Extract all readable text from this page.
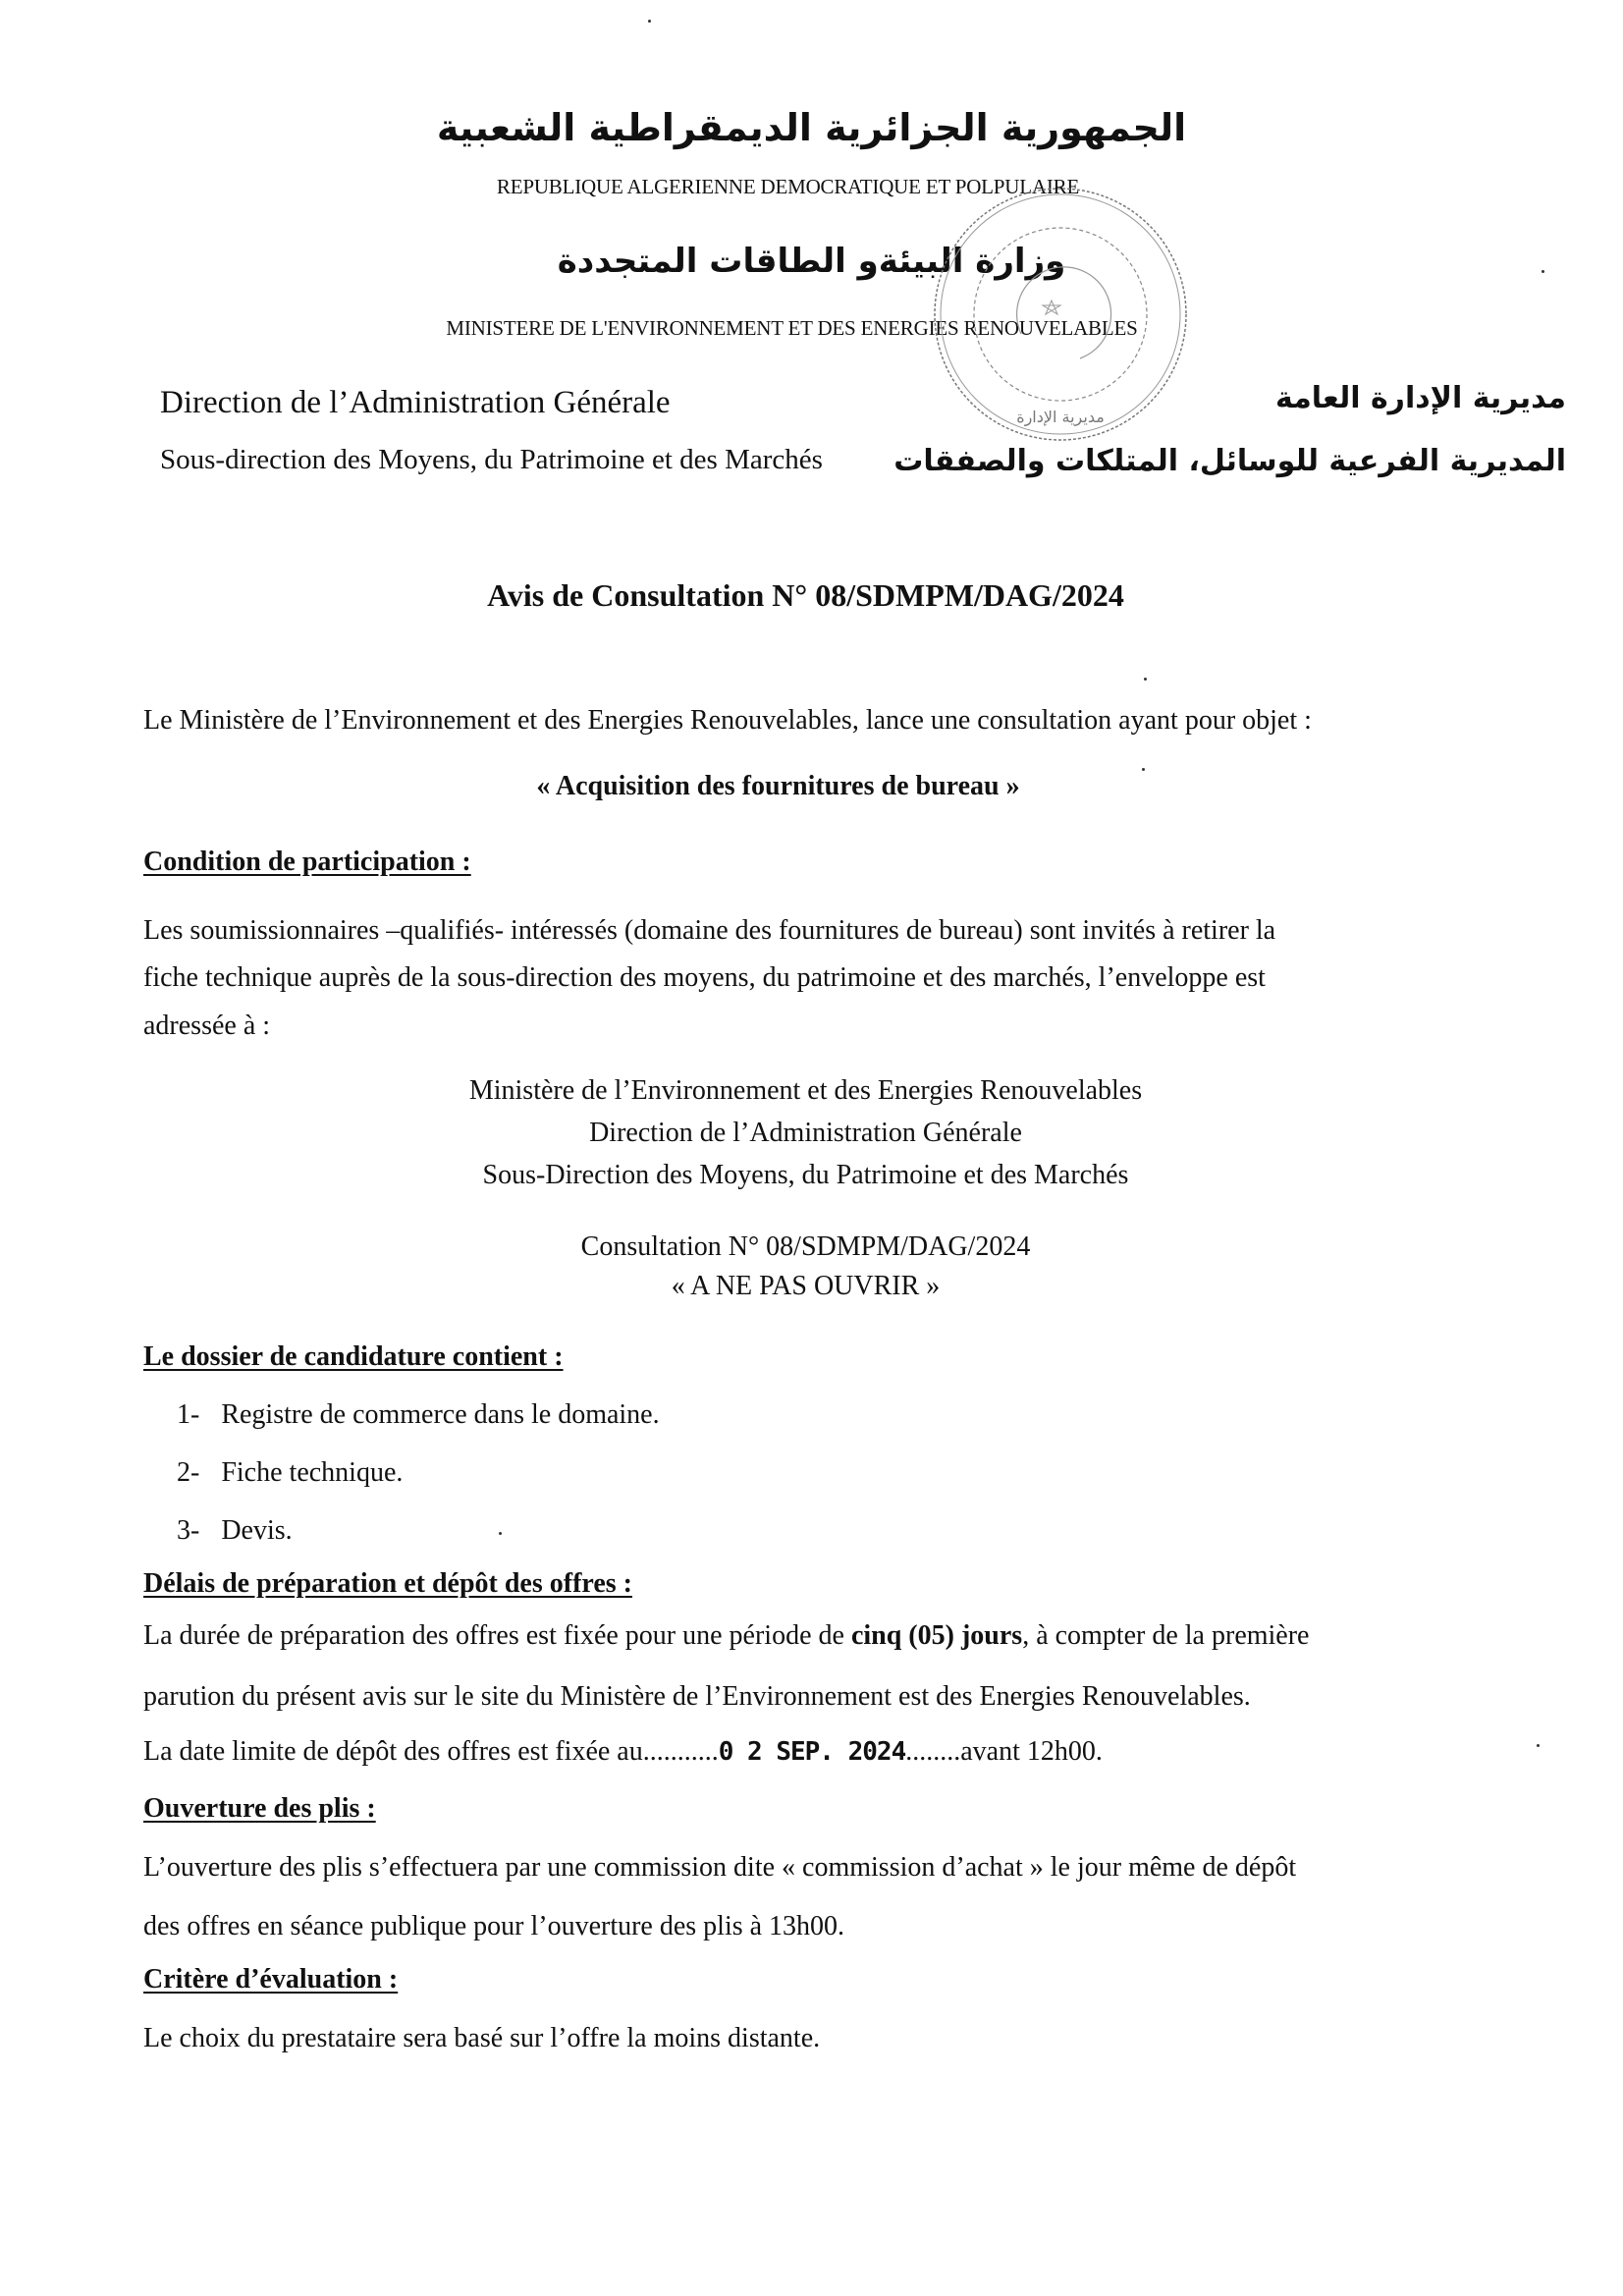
الجمهورية الجزائرية الديمقراطية الشعبية
REPUBLIQUE ALGERIENNE DEMOCRATIQUE ET POLPULAIRE
وزارة البيئةو الطاقات المتجددة
MINISTERE DE L'ENVIRONNEMENT ET DES ENERGIES RENOUVELABLES
مديرية الإدارة
Direction de l’Administration Générale
Sous-direction des Moyens, du Patrimoine et des Marchés
مديرية الإدارة العامة
المديرية الفرعية للوسائل، المتلكات والصفقات
Avis de Consultation N° 08/SDMPM/DAG/2024
Le Ministère de l’Environnement et des Energies Renouvelables, lance une consultation ayant pour objet :
« Acquisition des fournitures de bureau »
Condition de participation :
Les soumissionnaires –qualifiés- intéressés (domaine des fournitures de bureau) sont invités à retirer la
fiche technique auprès de la sous-direction des moyens, du patrimoine et des marchés, l’enveloppe est
adressée à :
Ministère de l’Environnement et des Energies Renouvelables
Direction de l’Administration Générale
Sous-Direction des Moyens, du Patrimoine et des Marchés
Consultation N° 08/SDMPM/DAG/2024
« A NE PAS OUVRIR »
Le dossier de candidature contient :
1- Registre de commerce dans le domaine.
2- Fiche technique.
3- Devis.
Délais de préparation et dépôt des offres :
La durée de préparation des offres est fixée pour une période de cinq (05) jours, à compter de la première
parution du présent avis sur le site du Ministère de l’Environnement est des Energies Renouvelables.
La date limite de dépôt des offres est fixée au...........0 2 SEP. 2024........avant 12h00.
Ouverture des plis :
L’ouverture des plis s’effectuera par une commission dite « commission d’achat » le jour même de dépôt
des offres en séance publique pour l’ouverture des plis à 13h00.
Critère d’évaluation :
Le choix du prestataire sera basé sur l’offre la moins distante.
